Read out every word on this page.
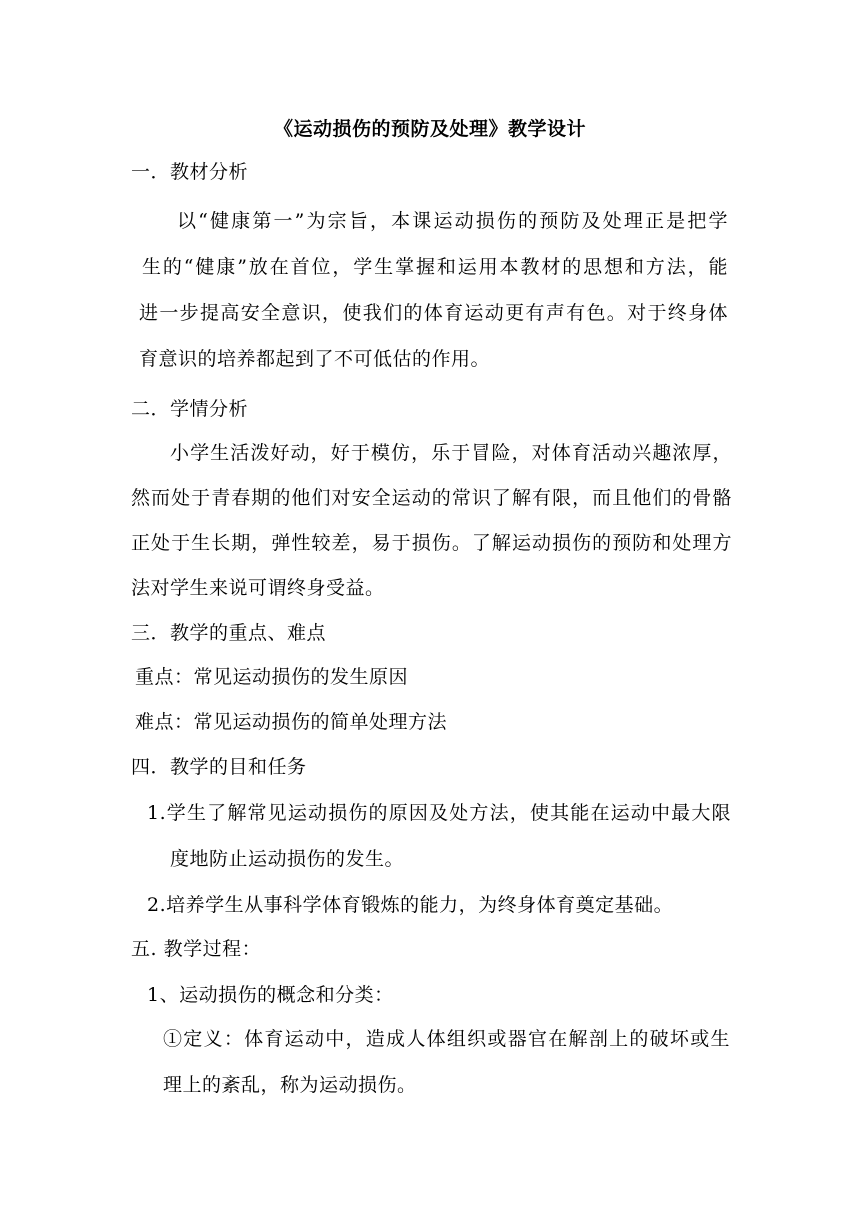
《运动损伤的预防及处理》教学设计
一．教材分析
以“健康第一”为宗旨，本课运动损伤的预防及处理正是把学
生的“健康”放在首位，学生掌握和运用本教材的思想和方法，能
进一步提高安全意识，使我们的体育运动更有声有色。对于终身体
育意识的培养都起到了不可低估的作用。
二．学情分析
小学生活泼好动，好于模仿，乐于冒险，对体育活动兴趣浓厚，
然而处于青春期的他们对安全运动的常识了解有限，而且他们的骨骼
正处于生长期，弹性较差，易于损伤。了解运动损伤的预防和处理方
法对学生来说可谓终身受益。
三．教学的重点、难点
重点：常见运动损伤的发生原因
难点：常见运动损伤的简单处理方法
四．教学的目和任务
1.学生了解常见运动损伤的原因及处方法，使其能在运动中最大限
度地防止运动损伤的发生。
2.培养学生从事科学体育锻炼的能力，为终身体育奠定基础。
五. 教学过程：
1、运动损伤的概念和分类：
①定义：体育运动中，造成人体组织或器官在解剖上的破坏或生
理上的紊乱，称为运动损伤。
